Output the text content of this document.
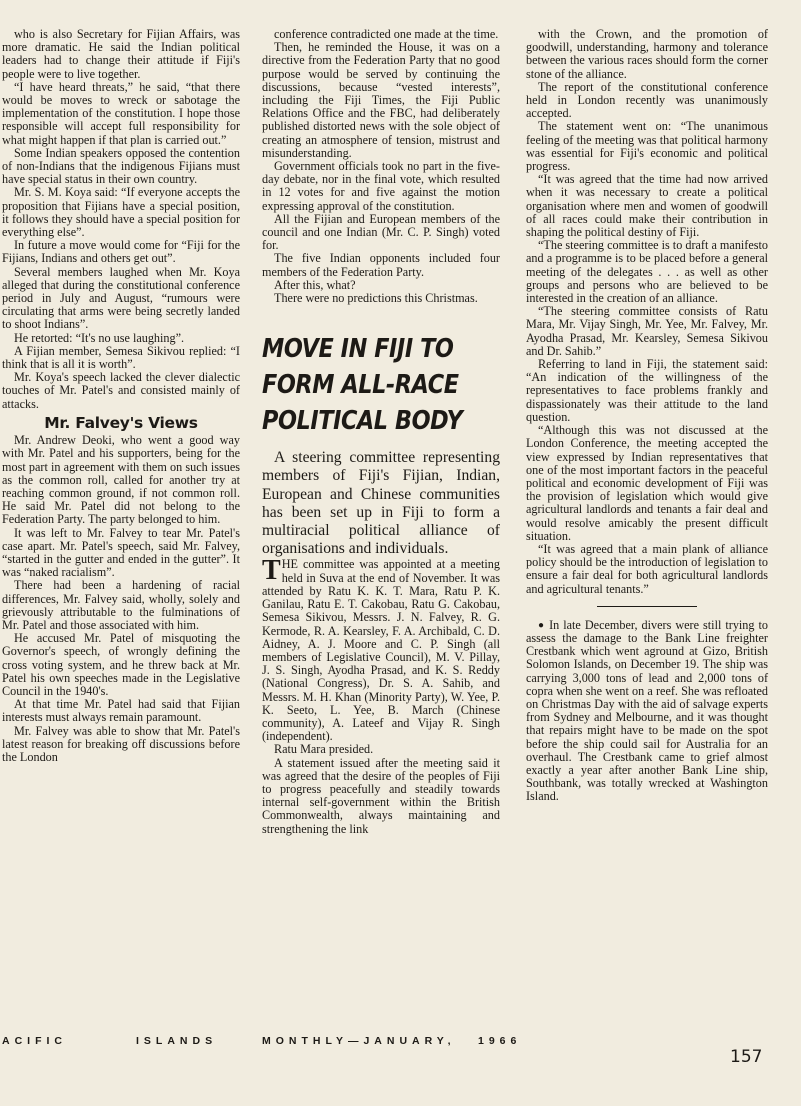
who is also Secretary for Fijian Affairs, was more dramatic. He said the Indian political leaders had to change their attitude if Fiji's people were to live together.

“I have heard threats,” he said, “that there would be moves to wreck or sabotage the implementation of the constitution. I hope those responsible will accept full responsibility for what might happen if that plan is carried out.”

Some Indian speakers opposed the contention of non-Indians that the indigenous Fijians must have special status in their own country.

Mr. S. M. Koya said: “If everyone accepts the proposition that Fijians have a special position, it follows they should have a special position for everything else”.

In future a move would come for “Fiji for the Fijians, Indians and others get out”.

Several members laughed when Mr. Koya alleged that during the constitutional conference period in July and August, “rumours were circulating that arms were being secretly landed to shoot Indians”.

He retorted: “It's no use laughing”.

A Fijian member, Semesa Sikivou replied: “I think that is all it is worth”.

Mr. Koya's speech lacked the clever dialectic touches of Mr. Patel's and consisted mainly of attacks.

Mr. Falvey's Views

Mr. Andrew Deoki, who went a good way with Mr. Patel and his supporters, being for the most part in agreement with them on such issues as the common roll, called for another try at reaching common ground, if not common roll. He said Mr. Patel did not belong to the Federation Party. The party belonged to him.

It was left to Mr. Falvey to tear Mr. Patel's case apart. Mr. Patel's speech, said Mr. Falvey, “started in the gutter and ended in the gutter”. It was “naked racialism”.

There had been a hardening of racial differences, Mr. Falvey said, wholly, solely and grievously attributable to the fulminations of Mr. Patel and those associated with him.

He accused Mr. Patel of misquoting the Governor's speech, of wrongly defining the cross voting system, and he threw back at Mr. Patel his own speeches made in the Legislative Council in the 1940's.

At that time Mr. Patel had said that Fijian interests must always remain paramount.

Mr. Falvey was able to show that Mr. Patel's latest reason for breaking off discussions before the London

conference contradicted one made at the time.

Then, he reminded the House, it was on a directive from the Federation Party that no good purpose would be served by continuing the discussions, because “vested interests”, including the Fiji Times, the Fiji Public Relations Office and the FBC, had deliberately published distorted news with the sole object of creating an atmosphere of tension, mistrust and misunderstanding.

Government officials took no part in the five-day debate, nor in the final vote, which resulted in 12 votes for and five against the motion expressing approval of the constitution.

All the Fijian and European members of the council and one Indian (Mr. C. P. Singh) voted for.

The five Indian opponents included four members of the Federation Party.

After this, what?

There were no predictions this Christmas.

MOVE IN FIJI TO
FORM ALL-RACE
POLITICAL BODY

A steering committee representing members of Fiji's Fijian, Indian, European and Chinese communities has been set up in Fiji to form a multiracial political alliance of organisations and individuals.

THE committee was appointed at a meeting held in Suva at the end of November. It was attended by Ratu K. K. T. Mara, Ratu P. K. Ganilau, Ratu E. T. Cakobau, Ratu G. Cakobau, Semesa Sikivou, Messrs. J. N. Falvey, R. G. Kermode, R. A. Kearsley, F. A. Archibald, C. D. Aidney, A. J. Moore and C. P. Singh (all members of Legislative Council), M. V. Pillay, J. S. Singh, Ayodha Prasad, and K. S. Reddy (National Congress), Dr. S. A. Sahib, and Messrs. M. H. Khan (Minority Party), W. Yee, P. K. Seeto, L. Yee, B. March (Chinese community), A. Lateef and Vijay R. Singh (independent).

Ratu Mara presided.

A statement issued after the meeting said it was agreed that the desire of the peoples of Fiji to progress peacefully and steadily towards internal self-government within the British Commonwealth, always maintaining and strengthening the link

with the Crown, and the promotion of goodwill, understanding, harmony and tolerance between the various races should form the corner stone of the alliance.

The report of the constitutional conference held in London recently was unanimously accepted.

The statement went on: “The unanimous feeling of the meeting was that political harmony was essential for Fiji's economic and political progress.

“It was agreed that the time had now arrived when it was necessary to create a political organisation where men and women of goodwill of all races could make their contribution in shaping the political destiny of Fiji.

“The steering committee is to draft a manifesto and a programme is to be placed before a general meeting of the delegates . . . as well as other groups and persons who are believed to be interested in the creation of an alliance.

“The steering committee consists of Ratu Mara, Mr. Vijay Singh, Mr. Yee, Mr. Falvey, Mr. Ayodha Prasad, Mr. Kearsley, Semesa Sikivou and Dr. Sahib.”

Referring to land in Fiji, the statement said: “An indication of the willingness of the representatives to face problems frankly and dispassionately was their attitude to the land question.

“Although this was not discussed at the London Conference, the meeting accepted the view expressed by Indian representatives that one of the most important factors in the peaceful political and economic development of Fiji was the provision of legislation which would give agricultural landlords and tenants a fair deal and would resolve amicably the present difficult situation.

“It was agreed that a main plank of alliance policy should be the introduction of legislation to ensure a fair deal for both agricultural landlords and agricultural tenants.”

● In late December, divers were still trying to assess the damage to the Bank Line freighter Crestbank which went aground at Gizo, British Solomon Islands, on December 19. The ship was carrying 3,000 tons of lead and 2,000 tons of copra when she went on a reef. She was refloated on Christmas Day with the aid of salvage experts from Sydney and Melbourne, and it was thought that repairs might have to be made on the spot before the ship could sail for Australia for an overhaul. The Crestbank came to grief almost exactly a year after another Bank Line ship, Southbank, was totally wrecked at Washington Island.

ACIFIC	ISLANDS	MONTHLY—JANUARY, 1966
157
